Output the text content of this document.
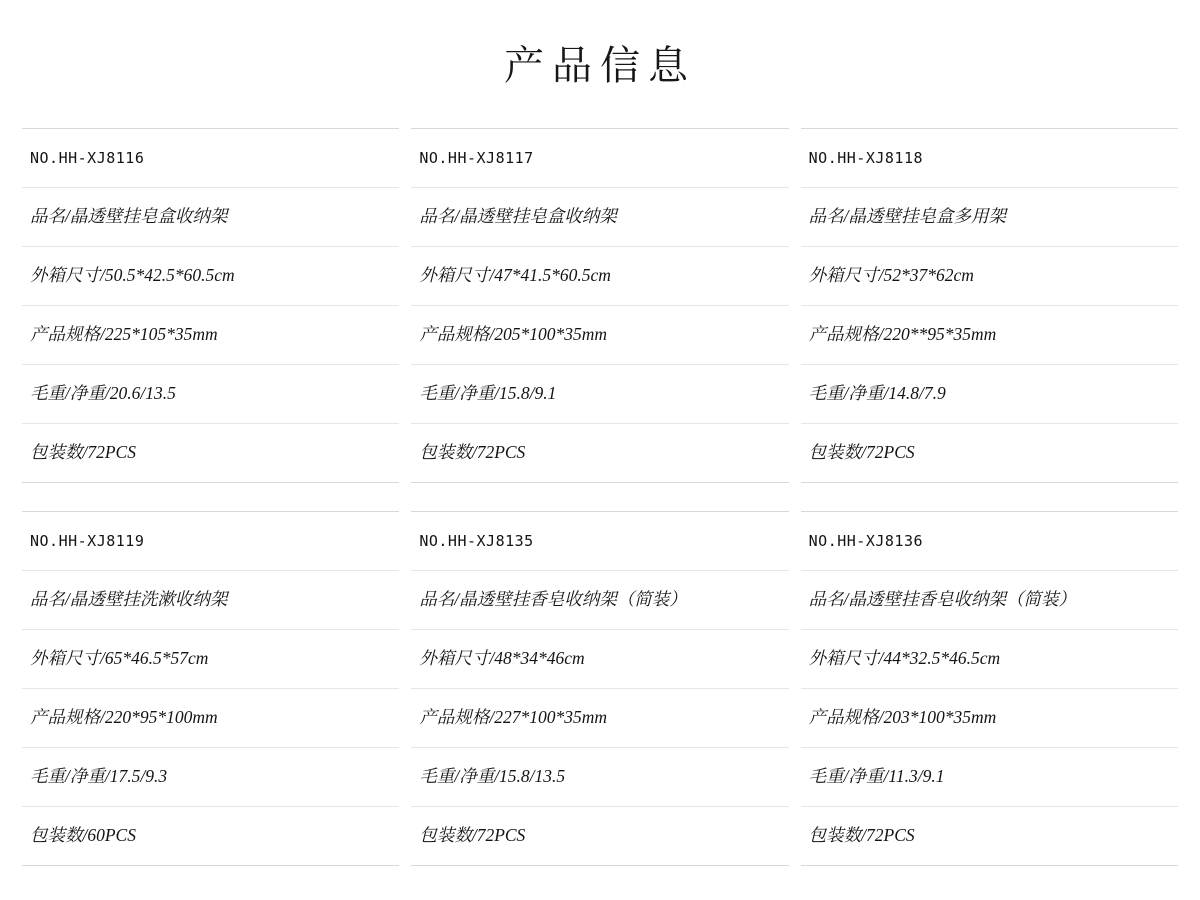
产品信息
NO.HH-XJ8116
品名/晶透壁挂皂盒收纳架
外箱尺寸/50.5*42.5*60.5cm
产品规格/225*105*35mm
毛重/净重/20.6/13.5
包装数/72PCS
NO.HH-XJ8117
品名/晶透壁挂皂盒收纳架
外箱尺寸/47*41.5*60.5cm
产品规格/205*100*35mm
毛重/净重/15.8/9.1
包装数/72PCS
NO.HH-XJ8118
品名/晶透壁挂皂盒多用架
外箱尺寸/52*37*62cm
产品规格/220**95*35mm
毛重/净重/14.8/7.9
包装数/72PCS
NO.HH-XJ8119
品名/晶透壁挂洗漱收纳架
外箱尺寸/65*46.5*57cm
产品规格/220*95*100mm
毛重/净重/17.5/9.3
包装数/60PCS
NO.HH-XJ8135
品名/晶透壁挂香皂收纳架（简装）
外箱尺寸/48*34*46cm
产品规格/227*100*35mm
毛重/净重/15.8/13.5
包装数/72PCS
NO.HH-XJ8136
品名/晶透壁挂香皂收纳架（简装）
外箱尺寸/44*32.5*46.5cm
产品规格/203*100*35mm
毛重/净重/11.3/9.1
包装数/72PCS
